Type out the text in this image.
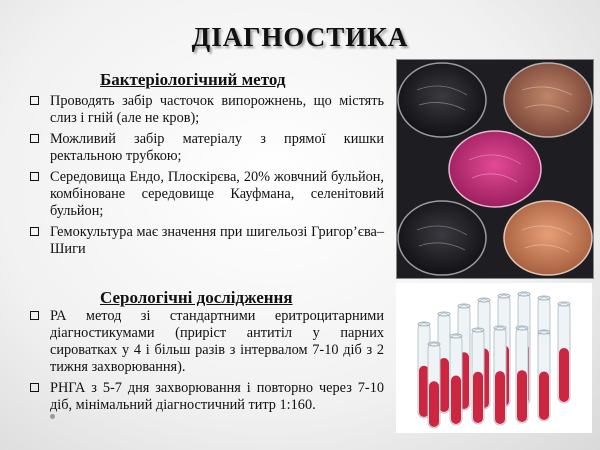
ДІАГНОСТИКА
Бактеріологічний метод
Проводять забір часточок випорожнень, що містять слиз і гній (але не кров);
Можливий забір матеріалу з прямої кишки ректальною трубкою;
Середовища Ендо, Плоскірєва, 20% жовчний бульйон, комбіноване середовище Кауфмана, селенітовий бульйон;
Гемокультура має значення при шигельозі Григор’єва–Шиги
Серологічні дослідження
РА метод зі стандартними еритроцитарними діагностикумами (приріст антитіл у парних сироватках у 4 і більш разів з інтервалом 7-10 діб з 2 тижня захворювання).
РНГА з 5-7 дня захворювання і повторно через 7-10 діб, мінімальний діагностичний титр 1:160.
